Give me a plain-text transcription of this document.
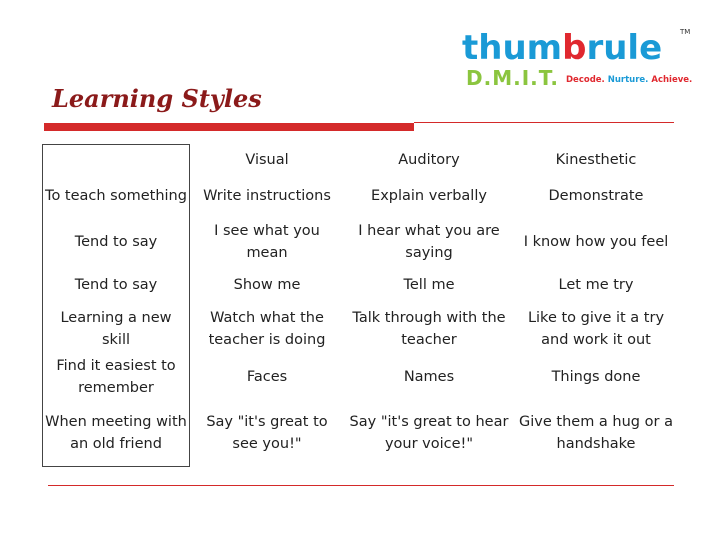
thumbrule	TM
D.M.I.T. Decode. Nurture. Achieve.
Learning Styles
	Visual	Auditory	Kinesthetic
To teach something	Write instructions	Explain verbally	Demonstrate
Tend to say	I see what you mean	I hear what you are saying	I know how you feel
Tend to say	Show me	Tell me	Let me try
Learning a new skill	Watch what the teacher is doing	Talk through with the teacher	Like to give it a try and work it out
Find it easiest to remember	Faces	Names	Things done
When meeting with an old friend	Say "it's great to see you!"	Say "it's great to hear your voice!"	Give them a hug or a handshake
